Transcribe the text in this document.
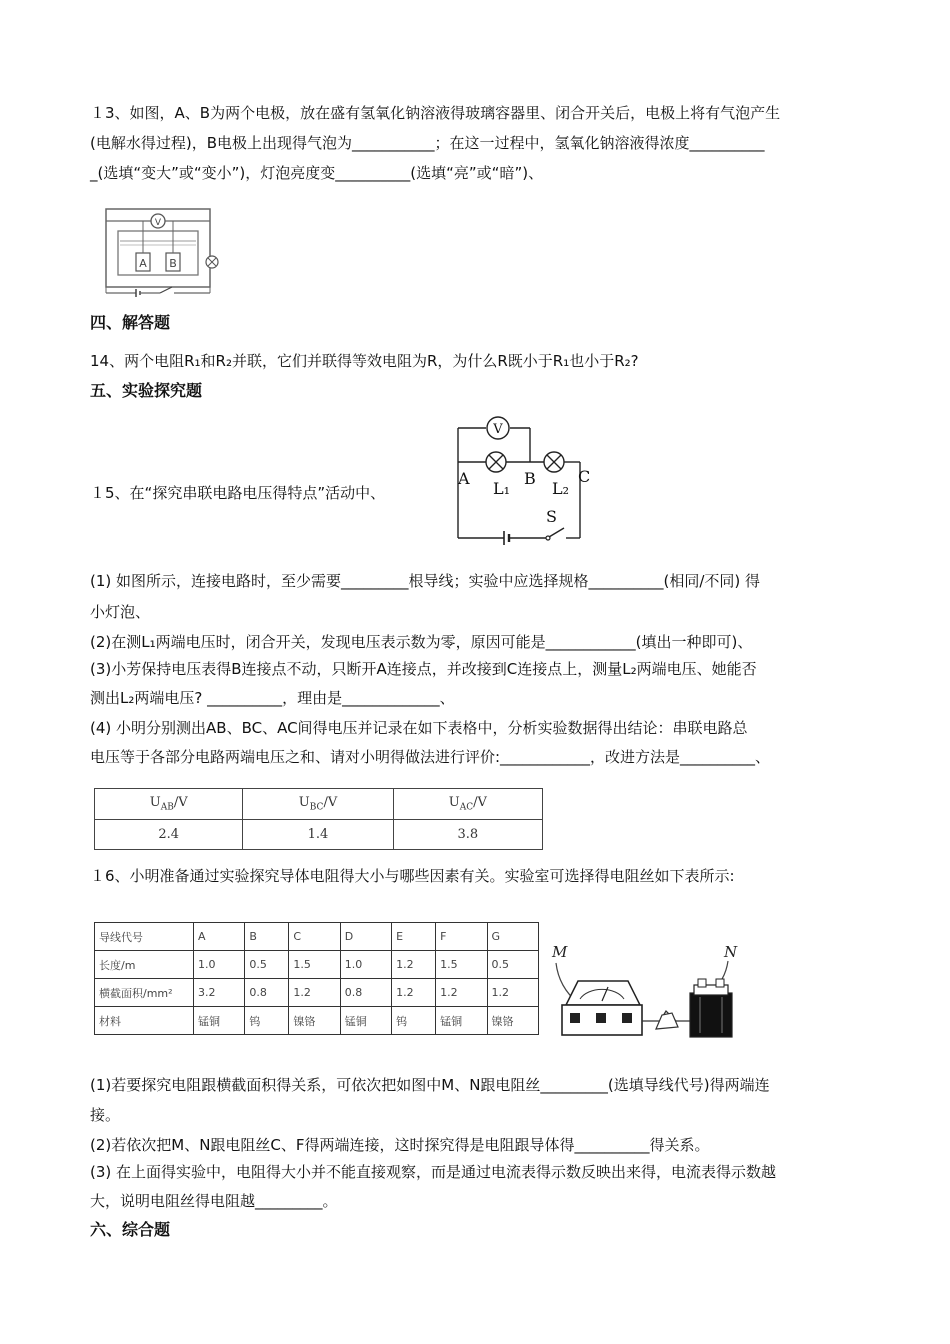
１3、如图，A、B为两个电极，放在盛有氢氧化钠溶液得玻璃容器里、闭合开关后，电极上将有气泡产生
(电解水得过程)，B电极上出现得气泡为___________；在这一过程中，氢氧化钠溶液得浓度__________
_(选填“变大”或“变小”)，灯泡亮度变__________(选填“亮”或“暗”)、
V
A B
四、解答题
14、两个电阻R₁和R₂并联，它们并联得等效电阻为R，为什么R既小于R₁也小于R₂?
五、实验探究题
１5、在“探究串联电路电压得特点”活动中、
V
A	B	C
L₁	L₂
S
(1) 如图所示，连接电路时，至少需要_________根导线；实验中应选择规格__________(相同/不同) 得
小灯泡、
(2)在测L₁两端电压时，闭合开关，发现电压表示数为零，原因可能是____________(填出一种即可)、
(3)小芳保持电压表得B连接点不动，只断开A连接点，并改接到C连接点上，测量L₂两端电压、她能否
测出L₂两端电压? __________，理由是_____________、
(4) 小明分别测出AB、BC、AC间得电压并记录在如下表格中，分析实验数据得出结论：串联电路总
电压等于各部分电路两端电压之和、请对小明得做法进行评价:____________，改进方法是__________、
$U_{AB}/V$	$U_{BC}/V$	$U_{AC}/V$
2.4	1.4	3.8
１6、小明准备通过实验探究导体电阻得大小与哪些因素有关。实验室可选择得电阻丝如下表所示:
导线代号	A	B	C	D	E	F	G
长度/m	1.0	0.5	1.5	1.0	1.2	1.5	0.5
横截面积/mm²	3.2	0.8	1.2	0.8	1.2	1.2	1.2
材料	锰铜	钨	镍铬	锰铜	钨	锰铜	镍铬
M	N
(1)若要探究电阻跟横截面积得关系，可依次把如图中M、N跟电阻丝_________(选填导线代号)得两端连
接。
(2)若依次把M、N跟电阻丝C、F得两端连接，这时探究得是电阻跟导体得__________得关系。
(3) 在上面得实验中，电阻得大小并不能直接观察，而是通过电流表得示数反映出来得，电流表得示数越
大，说明电阻丝得电阻越_________。
六、综合题
